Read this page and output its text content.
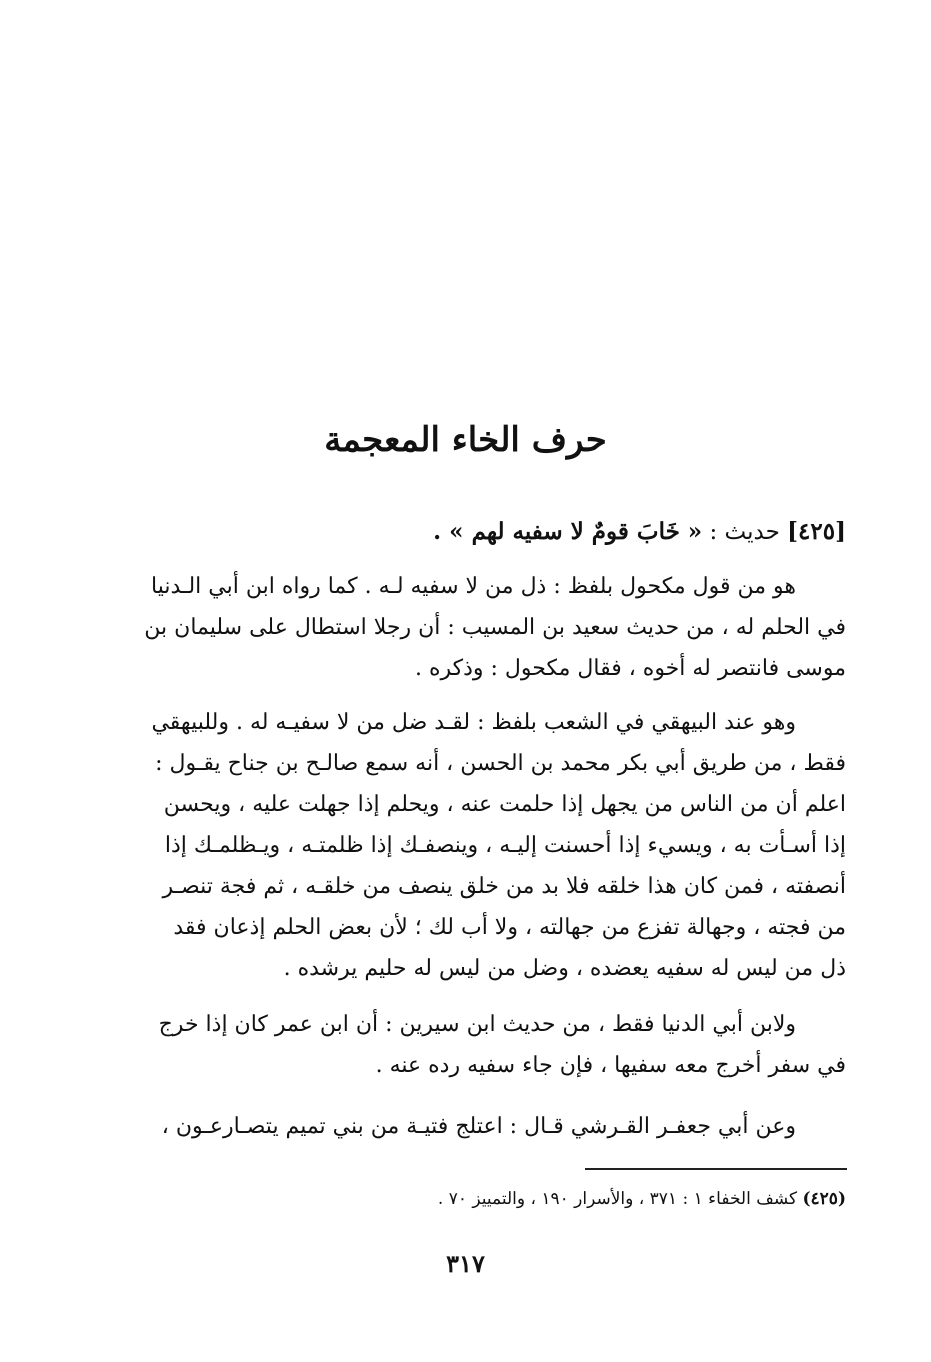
حرف الخاء المعجمة
[٤٢٥] حديث : « خَابَ قومٌ لا سفيه لهم » .
هو من قول مكحول بلفظ : ذل من لا سفيه لـه . كما رواه ابن أبي الـدنيا
في الحلم له ، من حديث سعيد بن المسيب : أن رجلا استطال على سليمان بن
موسى فانتصر له أخوه ، فقال مكحول : وذكره .
وهو عند البيهقي في الشعب بلفظ : لقـد ضل من لا سفيـه له . وللبيهقي
فقط ، من طريق أبي بكر محمد بن الحسن ، أنه سمع صالـح بن جناح يقـول :
اعلم أن من الناس من يجهل إذا حلمت عنه ، ويحلم إذا جهلت عليه ، ويحسن
إذا أسـأت به ، ويسيء إذا أحسنت إليـه ، وينصفـك إذا ظلمتـه ، ويـظلمـك إذا
أنصفته ، فمن كان هذا خلقه فلا بد من خلق ينصف من خلقـه ، ثم فجة تنصـر
من فجته ، وجهالة تفزع من جهالته ، ولا أب لك ؛ لأن بعض الحلم إذعان فقد
ذل من ليس له سفيه يعضده ، وضل من ليس له حليم يرشده .
ولابن أبي الدنيا فقط ، من حديث ابن سيرين : أن ابن عمر كان إذا خرج
في سفر أخرج معه سفيها ، فإن جاء سفيه رده عنه .
وعن أبي جعفـر القـرشي قـال : اعتلج فتيـة من بني تميم يتصـارعـون ،
(٤٢٥) كشف الخفاء ١ : ٣٧١ ، والأسرار ١٩٠ ، والتمييز ٧٠ .
٣١٧
